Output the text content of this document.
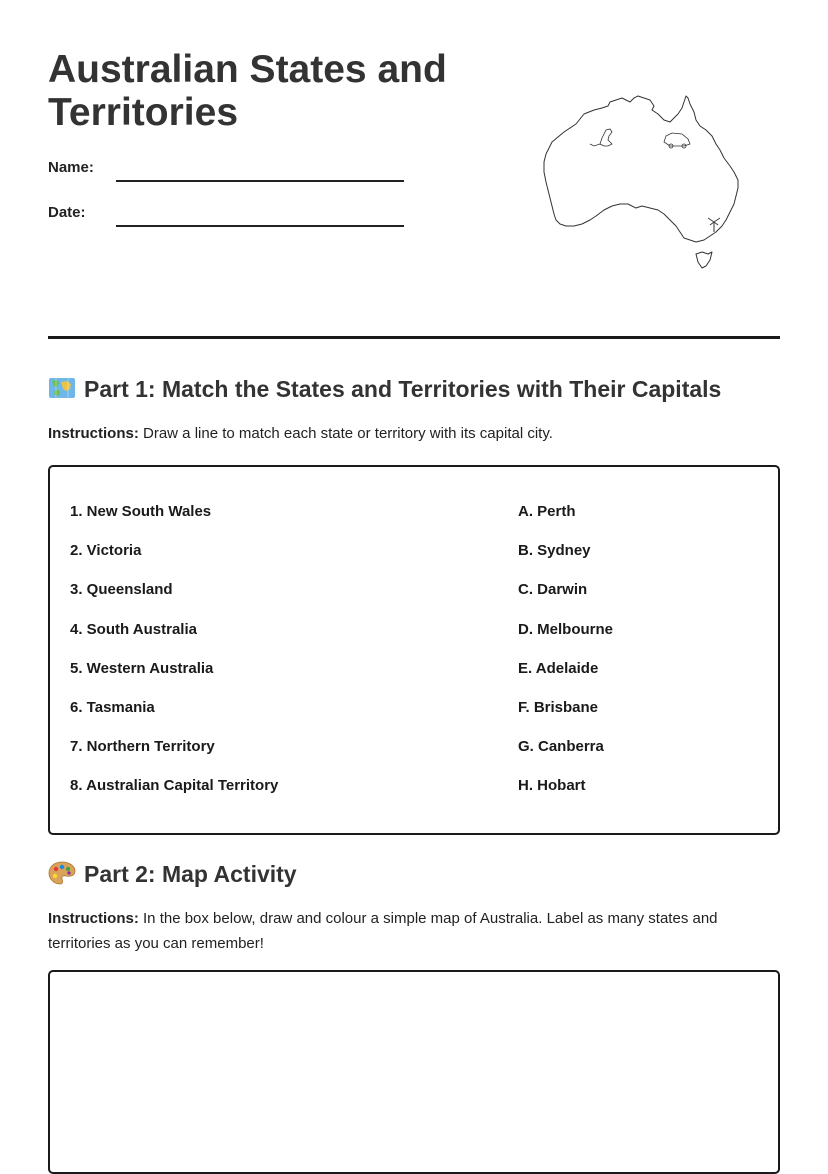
Australian States and Territories
Name:
Date:
Part 1: Match the States and Territories with Their Capitals
Instructions: Draw a line to match each state or territory with its capital city.
1. New South Wales
2. Victoria
3. Queensland
4. South Australia
5. Western Australia
6. Tasmania
7. Northern Territory
8. Australian Capital Territory
A. Perth
B. Sydney
C. Darwin
D. Melbourne
E. Adelaide
F. Brisbane
G. Canberra
H. Hobart
Part 2: Map Activity
Instructions: In the box below, draw and colour a simple map of Australia. Label as many states and territories as you can remember!
